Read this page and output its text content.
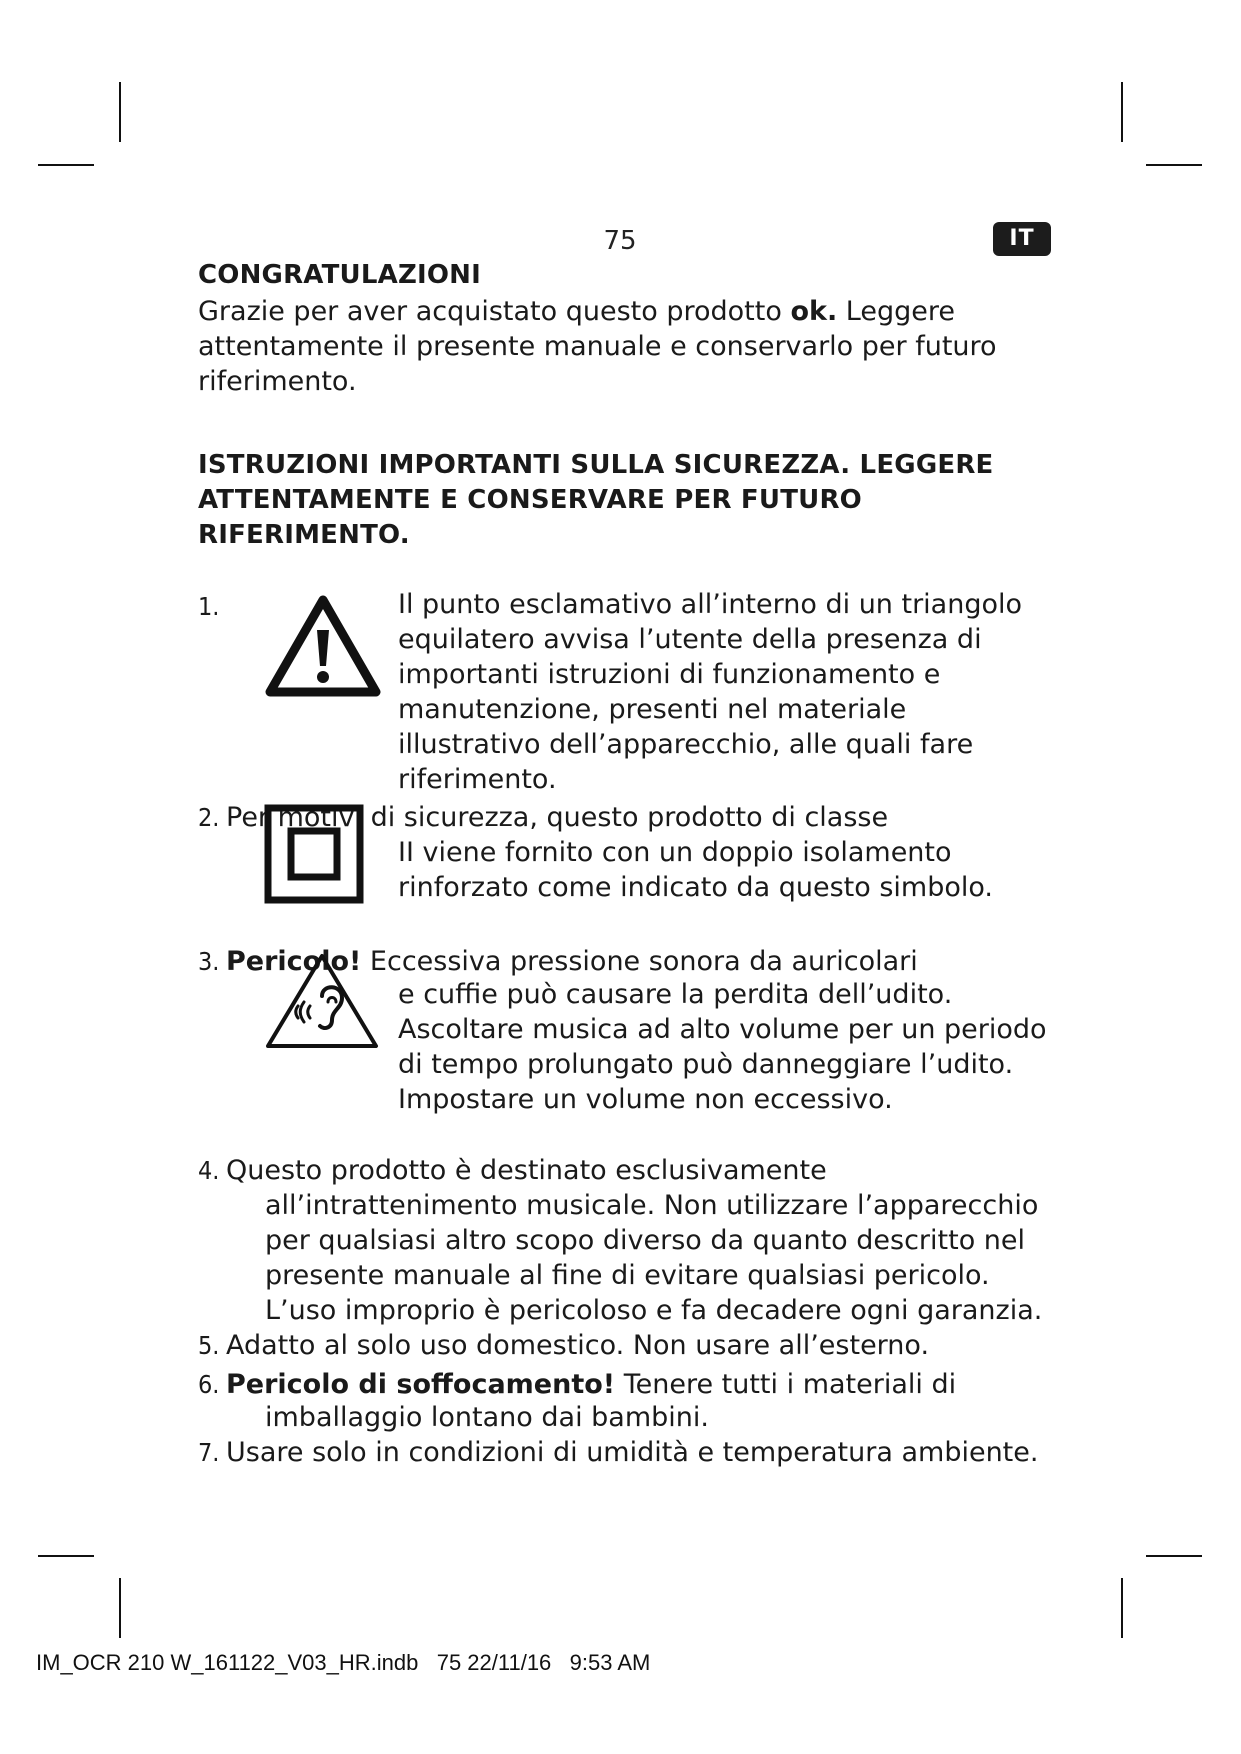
75	IT
CONGRATULAZIONI
Grazie per aver acquistato questo prodotto ok. Leggere attentamente il presente manuale e conservarlo per futuro riferimento.
ISTRUZIONI IMPORTANTI SULLA SICUREZZA. LEGGERE ATTENTAMENTE E CONSERVARE PER FUTURO RIFERIMENTO.
1.	Il punto esclamativo all’interno di un triangolo equilatero avvisa l’utente della presenza di importanti istruzioni di funzionamento e manutenzione, presenti nel materiale illustrativo dell’apparecchio, alle quali fare riferimento.
2. Per motivi di sicurezza, questo prodotto di classe
II viene fornito con un doppio isolamento rinforzato come indicato da questo simbolo.
3. Pericolo! Eccessiva pressione sonora da auricolari
e cuffie può causare la perdita dell’udito. Ascoltare musica ad alto volume per un periodo di tempo prolungato può danneggiare l’udito. Impostare un volume non eccessivo.
4. Questo prodotto è destinato esclusivamente
all’intrattenimento musicale. Non utilizzare l’apparecchio per qualsiasi altro scopo diverso da quanto descritto nel presente manuale al fine di evitare qualsiasi pericolo. L’uso improprio è pericoloso e fa decadere ogni garanzia.
5. Adatto al solo uso domestico. Non usare all’esterno.
6. Pericolo di soffocamento! Tenere tutti i materiali di
imballaggio lontano dai bambini.
7. Usare solo in condizioni di umidità e temperatura ambiente.
IM_OCR 210 W_161122_V03_HR.indb   75 22/11/16   9:53 AM
